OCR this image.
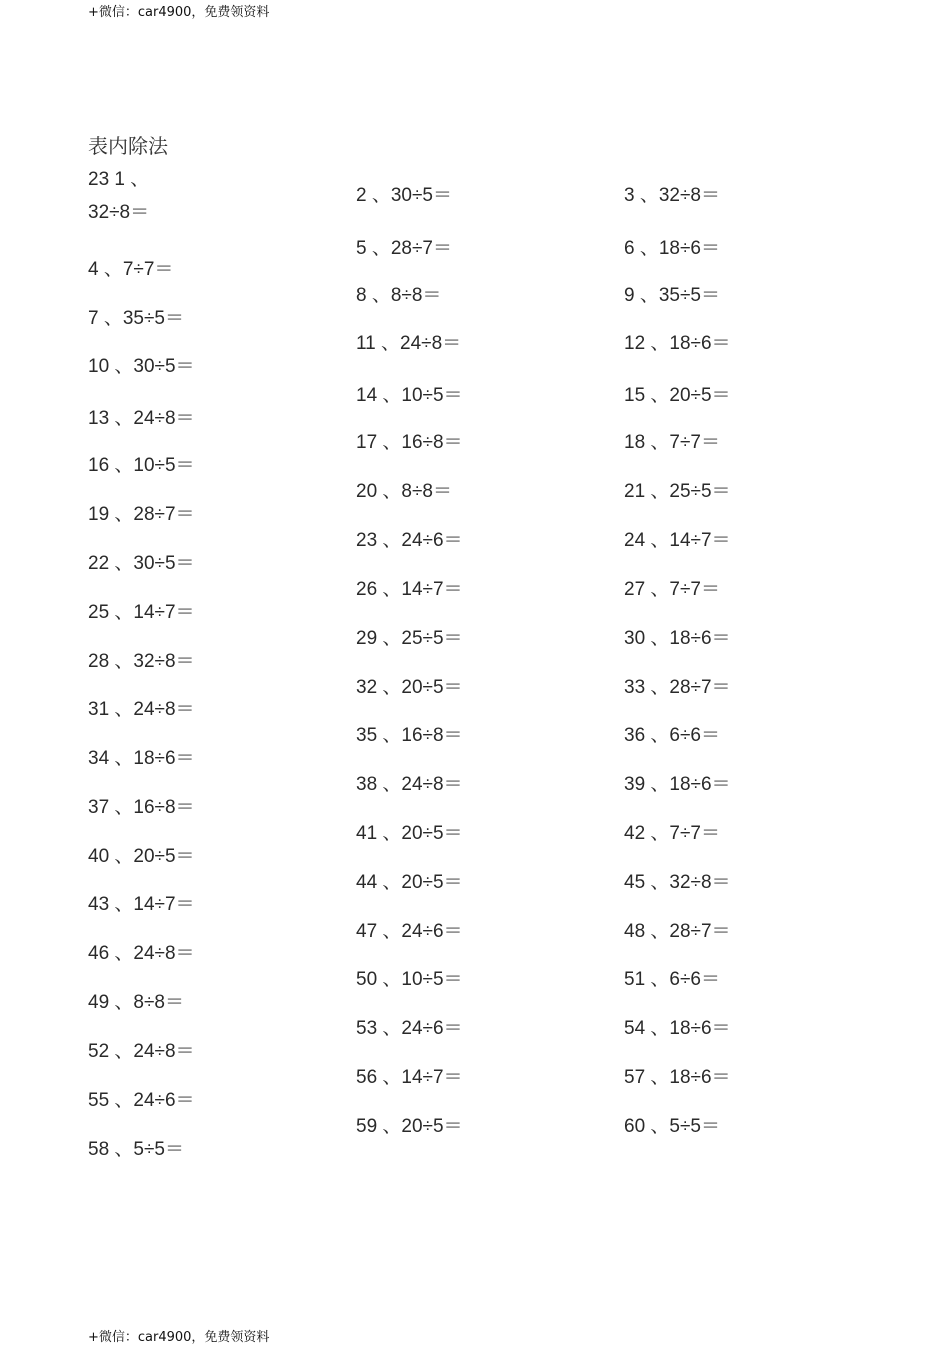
+微信：car4900，免费领资料
表内除法
23 1 、
32÷8＝
4 、7÷7＝
7 、35÷5＝
10 、30÷5＝
13 、24÷8＝
16 、10÷5＝
19 、28÷7＝
22 、30÷5＝
25 、14÷7＝
28 、32÷8＝
31 、24÷8＝
34 、18÷6＝
37 、16÷8＝
40 、20÷5＝
43 、14÷7＝
46 、24÷8＝
49 、8÷8＝
52 、24÷8＝
55 、24÷6＝
58 、5÷5＝
2 、30÷5＝
5 、28÷7＝
8 、8÷8＝
11 、24÷8＝
14 、10÷5＝
17 、16÷8＝
20 、8÷8＝
23 、24÷6＝
26 、14÷7＝
29 、25÷5＝
32 、20÷5＝
35 、16÷8＝
38 、24÷8＝
41 、20÷5＝
44 、20÷5＝
47 、24÷6＝
50 、10÷5＝
53 、24÷6＝
56 、14÷7＝
59 、20÷5＝
3 、32÷8＝
6 、18÷6＝
9 、35÷5＝
12 、18÷6＝
15 、20÷5＝
18 、7÷7＝
21 、25÷5＝
24 、14÷7＝
27 、7÷7＝
30 、18÷6＝
33 、28÷7＝
36 、6÷6＝
39 、18÷6＝
42 、7÷7＝
45 、32÷8＝
48 、28÷7＝
51 、6÷6＝
54 、18÷6＝
57 、18÷6＝
60 、5÷5＝
+微信：car4900，免费领资料
